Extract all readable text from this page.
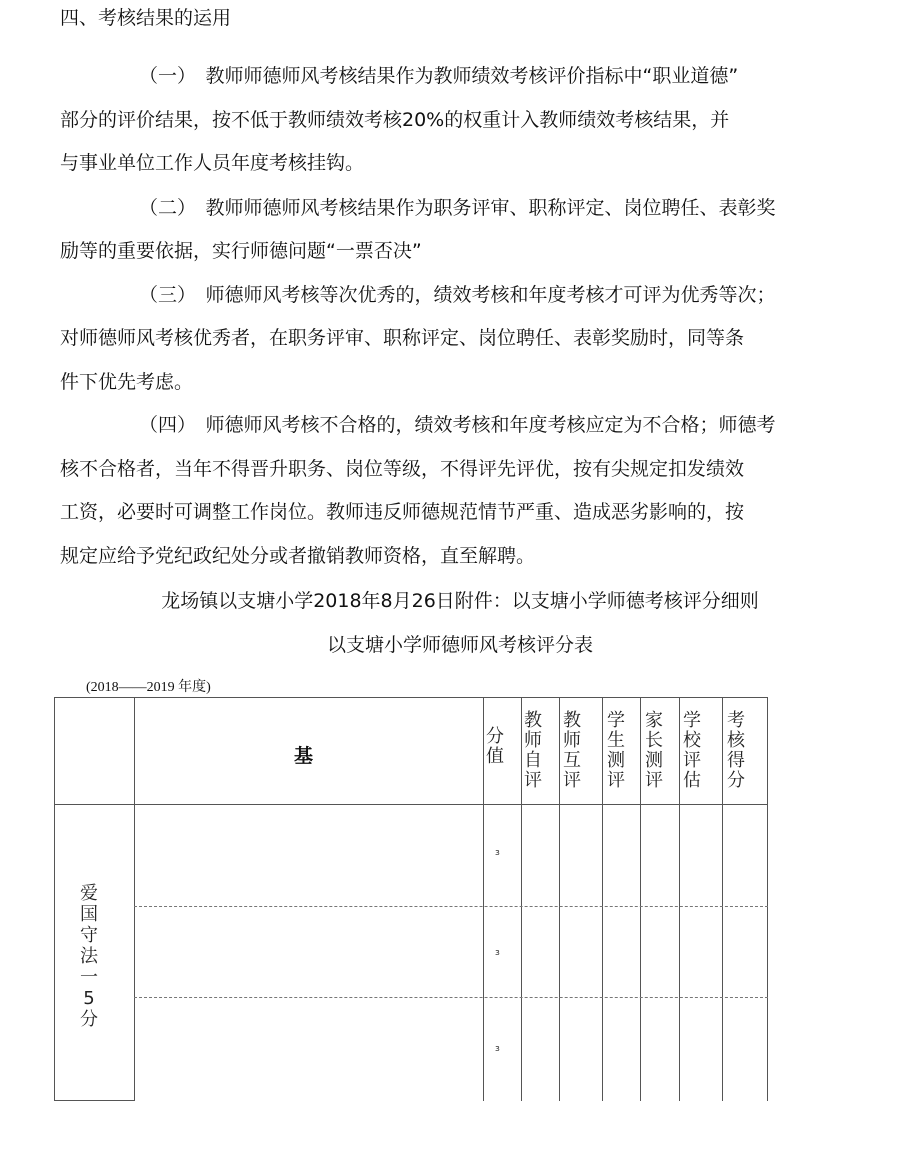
四、考核结果的运用
（一）　教师师德师风考核结果作为教师绩效考核评价指标中“职业道德”
部分的评价结果，按不低于教师绩效考核20%的权重计入教师绩效考核结果，并
与事业单位工作人员年度考核挂钩。
（二）　教师师德师风考核结果作为职务评审、职称评定、岗位聘任、表彰奖
励等的重要依据，实行师德问题“一票否决”
（三）　师德师风考核等次优秀的，绩效考核和年度考核才可评为优秀等次；
对师德师风考核优秀者，在职务评审、职称评定、岗位聘任、表彰奖励时，同等条
件下优先考虑。
（四）　师德师风考核不合格的，绩效考核和年度考核应定为不合格；师德考
核不合格者，当年不得晋升职务、岗位等级，不得评先评优，按有尖规定扣发绩效
工资，必要时可调整工作岗位。教师违反师德规范情节严重、造成恶劣影响的，按
规定应给予党纪政纪处分或者撤销教师资格，直至解聘。
龙场镇以支塘小学2018年8月26日附件：以支塘小学师德考核评分细则
以支塘小学师德师风考核评分表
(2018——2019 年度)
基
分值
教师自评
教师互评
学生测评
家长测评
学校评估
考核得分
爱国守法一5分
з
з
з
